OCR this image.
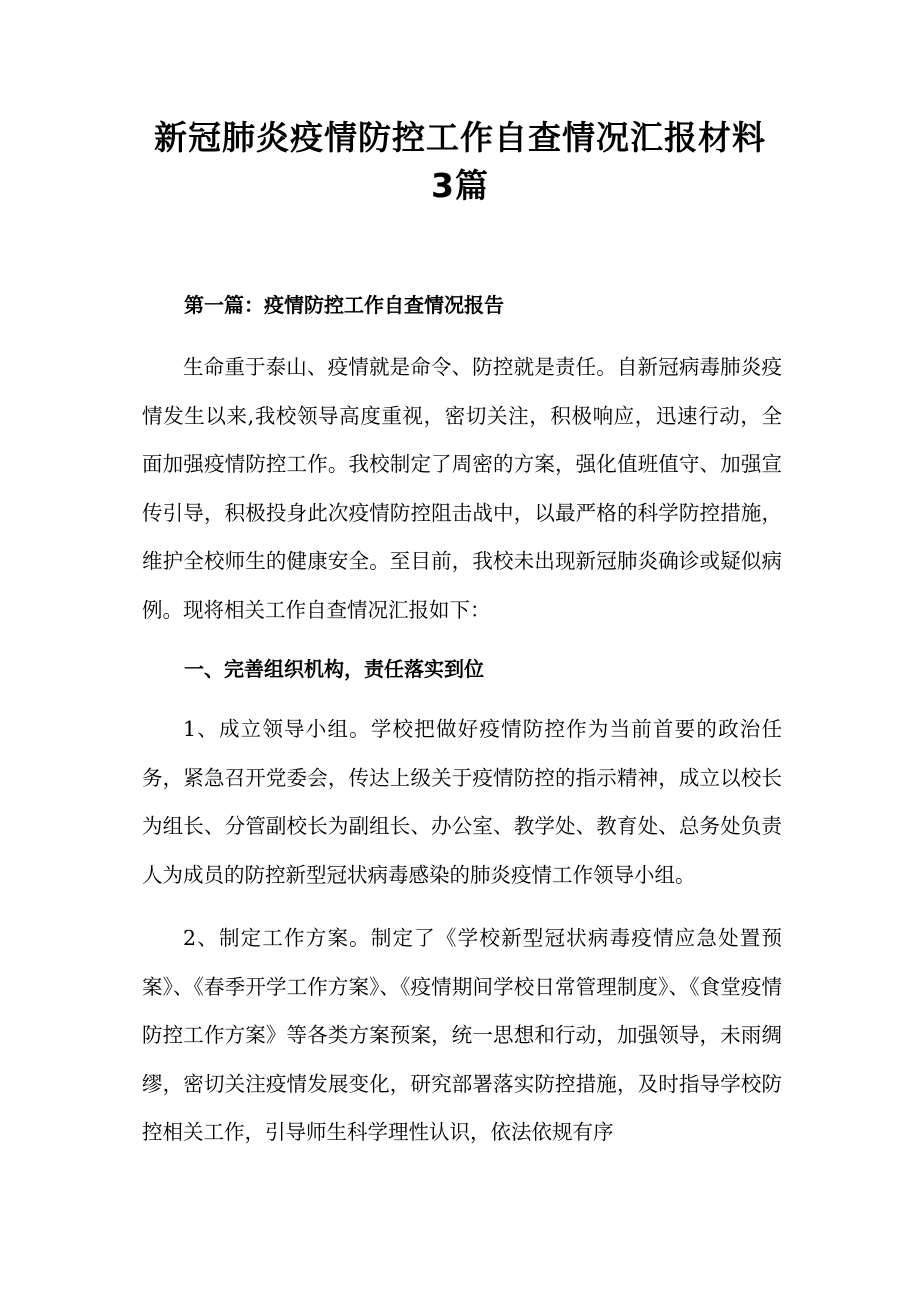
新冠肺炎疫情防控工作自查情况汇报材料
3篇
第一篇：疫情防控工作自查情况报告

生命重于泰山、疫情就是命令、防控就是责任。自新冠病毒肺炎疫情发生以来,我校领导高度重视，密切关注，积极响应，迅速行动，全面加强疫情防控工作。我校制定了周密的方案，强化值班值守、加强宣传引导，积极投身此次疫情防控阻击战中，以最严格的科学防控措施，维护全校师生的健康安全。至目前，我校未出现新冠肺炎确诊或疑似病例。现将相关工作自查情况汇报如下：

一、完善组织机构，责任落实到位

1、成立领导小组。学校把做好疫情防控作为当前首要的政治任务，紧急召开党委会，传达上级关于疫情防控的指示精神，成立以校长为组长、分管副校长为副组长、办公室、教学处、教育处、总务处负责人为成员的防控新型冠状病毒感染的肺炎疫情工作领导小组。

2、制定工作方案。制定了《学校新型冠状病毒疫情应急处置预案》、《春季开学工作方案》、《疫情期间学校日常管理制度》、《食堂疫情防控工作方案》等各类方案预案，统一思想和行动，加强领导，未雨绸缪，密切关注疫情发展变化，研究部署落实防控措施，及时指导学校防控相关工作，引导师生科学理性认识，依法依规有序
